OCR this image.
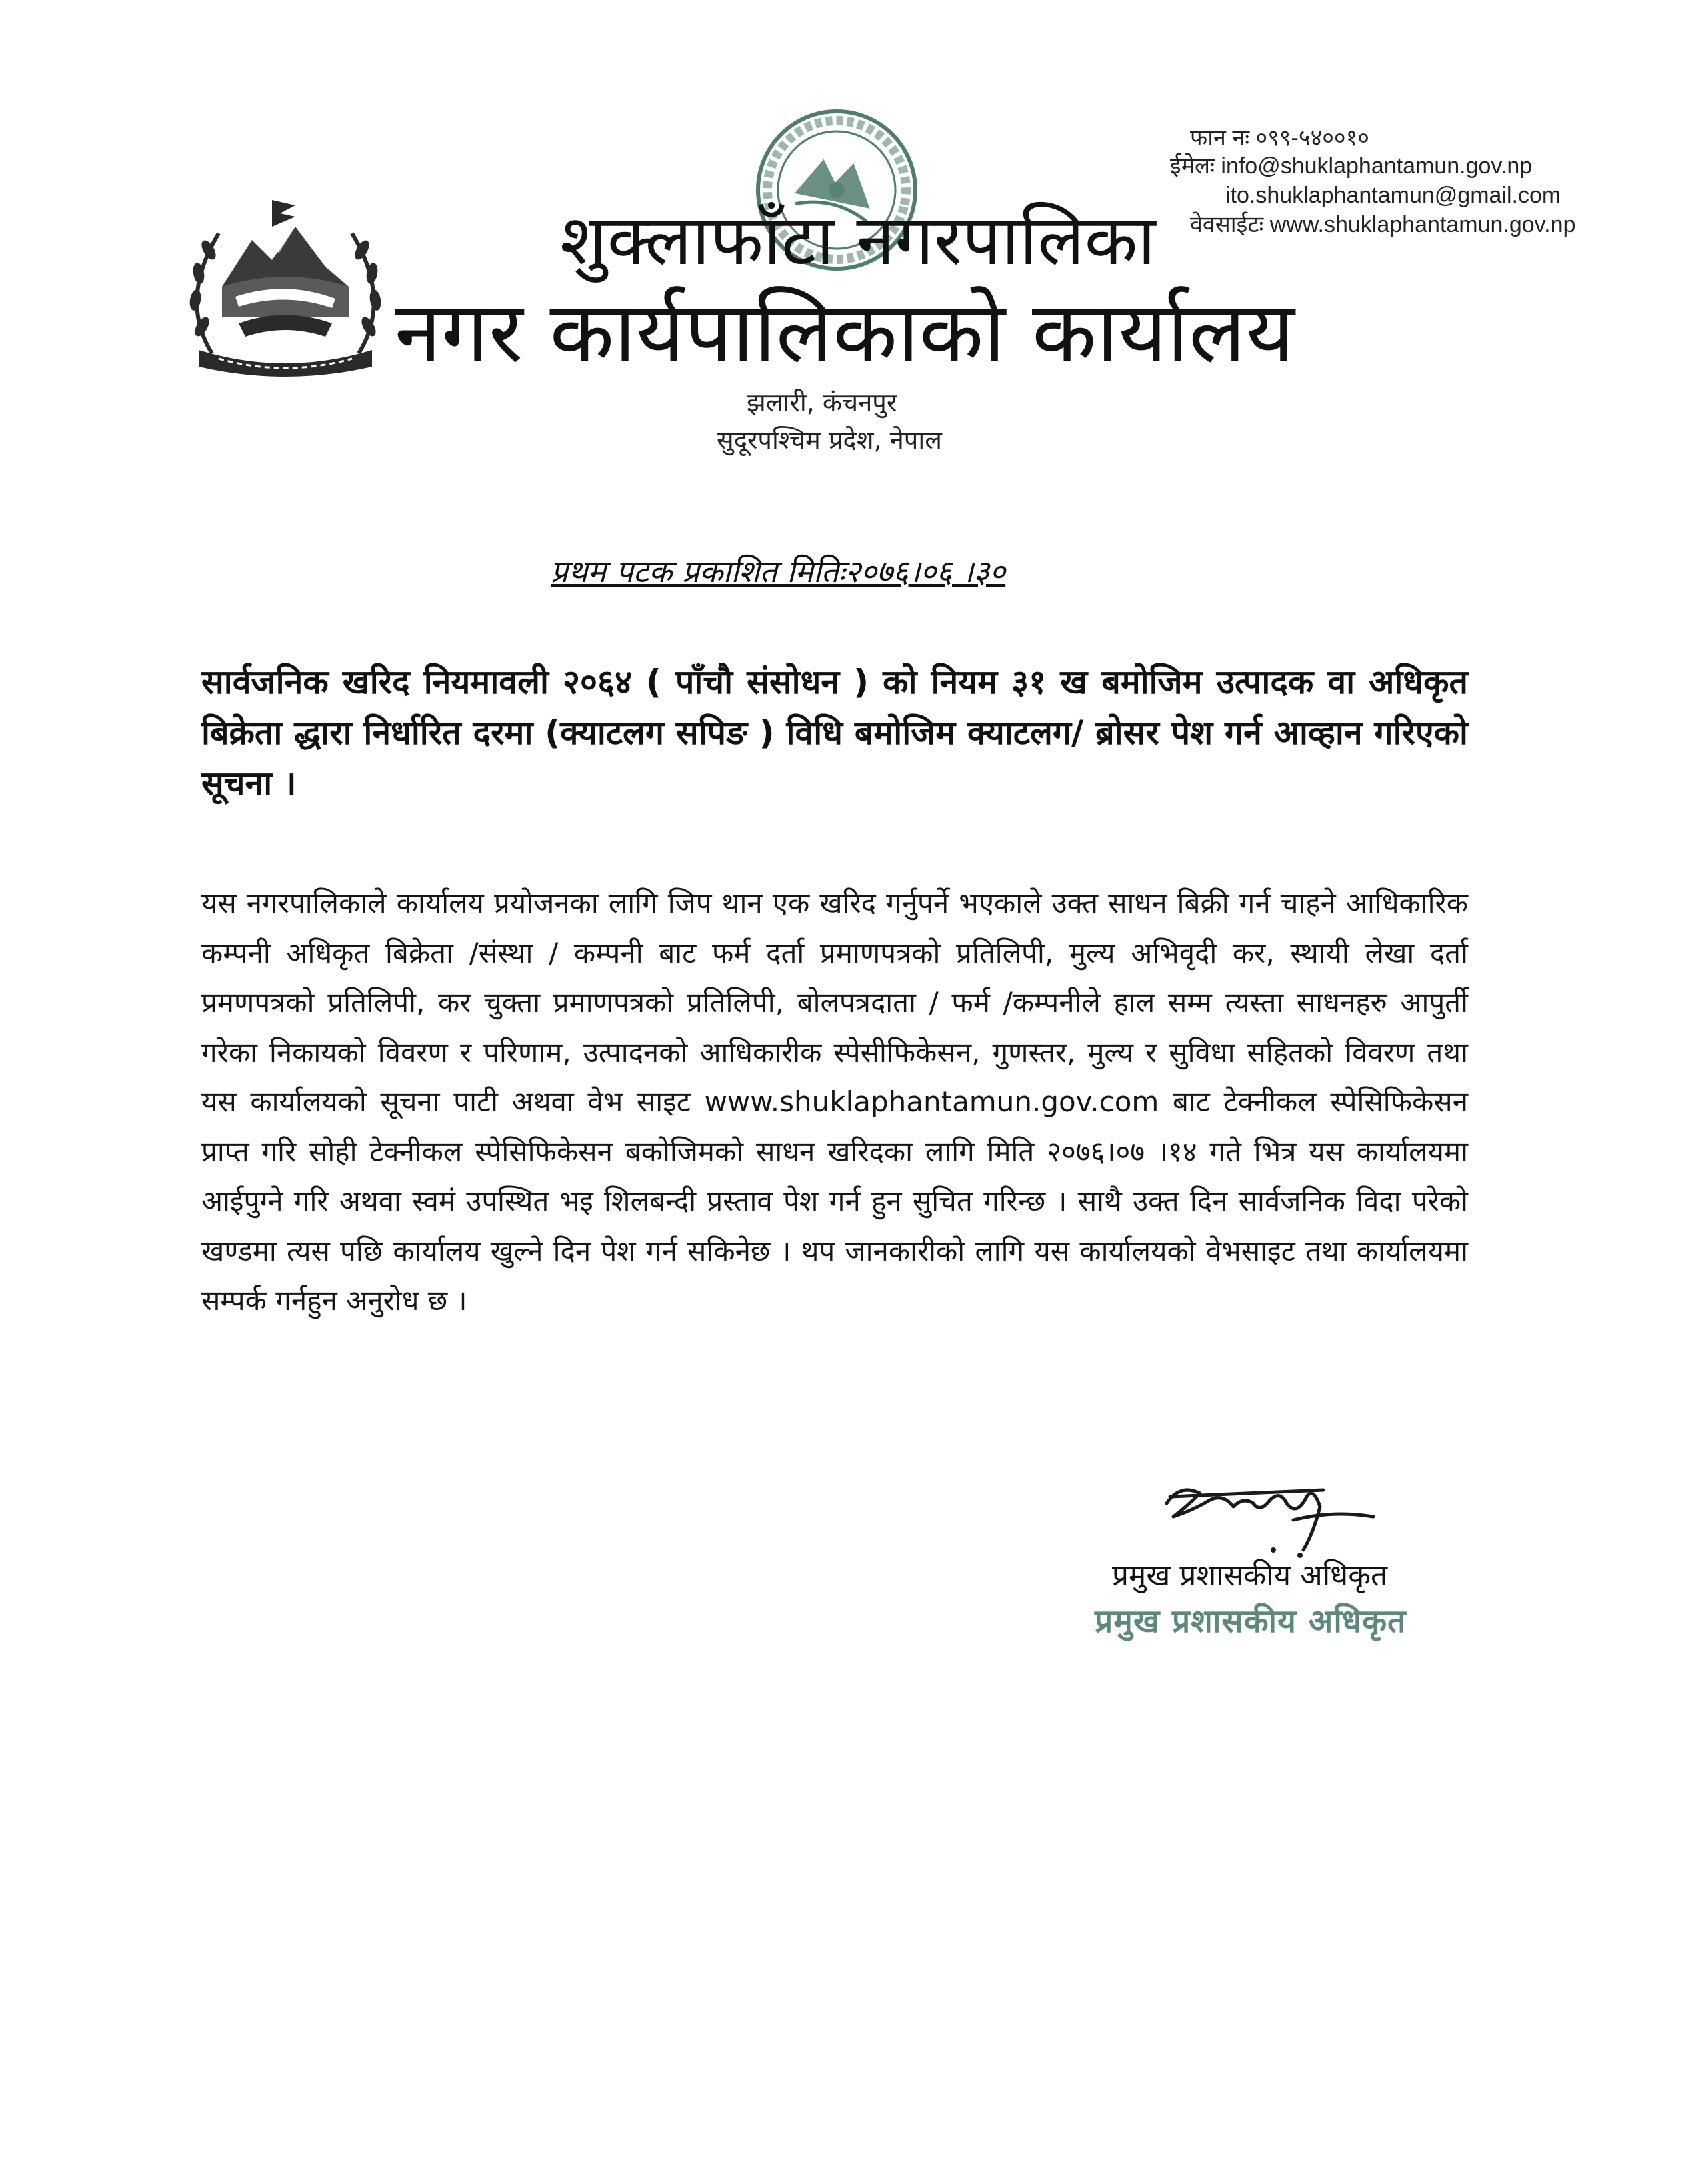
फान नः ०९९-५४००१०
ईमेलः info@shuklaphantamun.gov.np
ito.shuklaphantamun@gmail.com
वेवसाईटः www.shuklaphantamun.gov.np
शुक्लाफाँटा नगरपालिका
नगर कार्यपालिकाको कार्यालय
झलारी, कंचनपुर
सुदूरपश्चिम प्रदेश, नेपाल
प्रथम पटक प्रकाशित मितिः२०७६।०६ ।३०
सार्वजनिक खरिद नियमावली २०६४ ( पाँचौ संसोधन ) को नियम ३१ ख बमोजिम उत्पादक वा अधिकृत बिक्रेता द्धारा निर्धारित दरमा (क्याटलग सपिङ ) विधि बमोजिम क्याटलग/ ब्रोसर पेश गर्न आव्हान गरिएको सूचना ।
यस नगरपालिकाले कार्यालय प्रयोजनका लागि जिप थान एक खरिद गर्नुपर्ने भएकाले उक्त साधन बिक्री गर्न चाहने आधिकारिक कम्पनी अधिकृत बिक्रेता /संस्था / कम्पनी बाट फर्म दर्ता प्रमाणपत्रको प्रतिलिपी, मुल्य अभिवृदी कर, स्थायी लेखा दर्ता प्रमणपत्रको प्रतिलिपी, कर चुक्ता प्रमाणपत्रको प्रतिलिपी, बोलपत्रदाता / फर्म /कम्पनीले हाल सम्म त्यस्ता साधनहरु आपुर्ती गरेका निकायको विवरण र परिणाम, उत्पादनको आधिकारीक स्पेसीफिकेसन, गुणस्तर, मुल्य र सुविधा सहितको विवरण तथा यस कार्यालयको सूचना पाटी अथवा वेभ साइट www.shuklaphantamun.gov.com बाट टेक्नीकल स्पेसिफिकेसन प्राप्त गरि सोही टेक्नीकल स्पेसिफिकेसन बकोजिमको साधन खरिदका लागि मिति २०७६।०७ ।१४ गते भित्र यस कार्यालयमा आईपुग्ने गरि अथवा स्वमं उपस्थित भइ शिलबन्दी प्रस्ताव पेश गर्न हुन सुचित गरिन्छ । साथै उक्त दिन सार्वजनिक विदा परेको खण्डमा त्यस पछि कार्यालय खुल्ने दिन पेश गर्न सकिनेछ । थप जानकारीको लागि यस कार्यालयको वेभसाइट तथा कार्यालयमा सम्पर्क गर्नहुन अनुरोध छ ।
प्रमुख प्रशासकीय अधिकृत
प्रमुख प्रशासकीय अधिकृत
